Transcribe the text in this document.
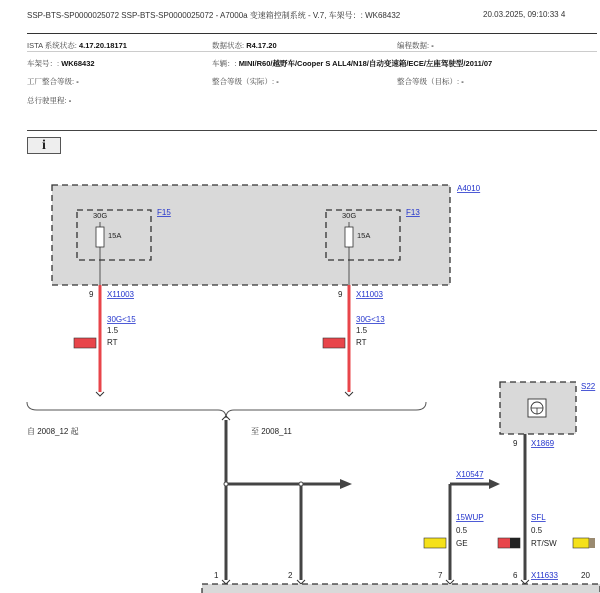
SSP-BTS-SP0000025072 SSP-BTS-SP0000025072 - A7000a 变速箱控制系统 - V.7, 车架号：: WK68432	20.03.2025, 09:10:33 4
ISTA 系统状态: 4.17.20.18171	数据状态: R4.17.20	编程数据: -
车架号：: WK68432	车辆：: MINI/R60/越野车/Cooper S ALL4/N18/自动变速箱/ECE/左座驾驶型/2011/07
工厂整合等级: -	整合等级（实际）: -	整合等级（目标）: -
总行驶里程: -
i
A4010
F15
30G
15A
F13
30G
15A
9 X11003	9 X11003
30G<15
1.5
RT
30G<13
1.5
RT
自 2008_12 起	至 2008_11
X10547
15WUP
0.5
GE
S22
9 X1869
SFL
0.5
RT/SW
1	2	7	6 X11633	20
